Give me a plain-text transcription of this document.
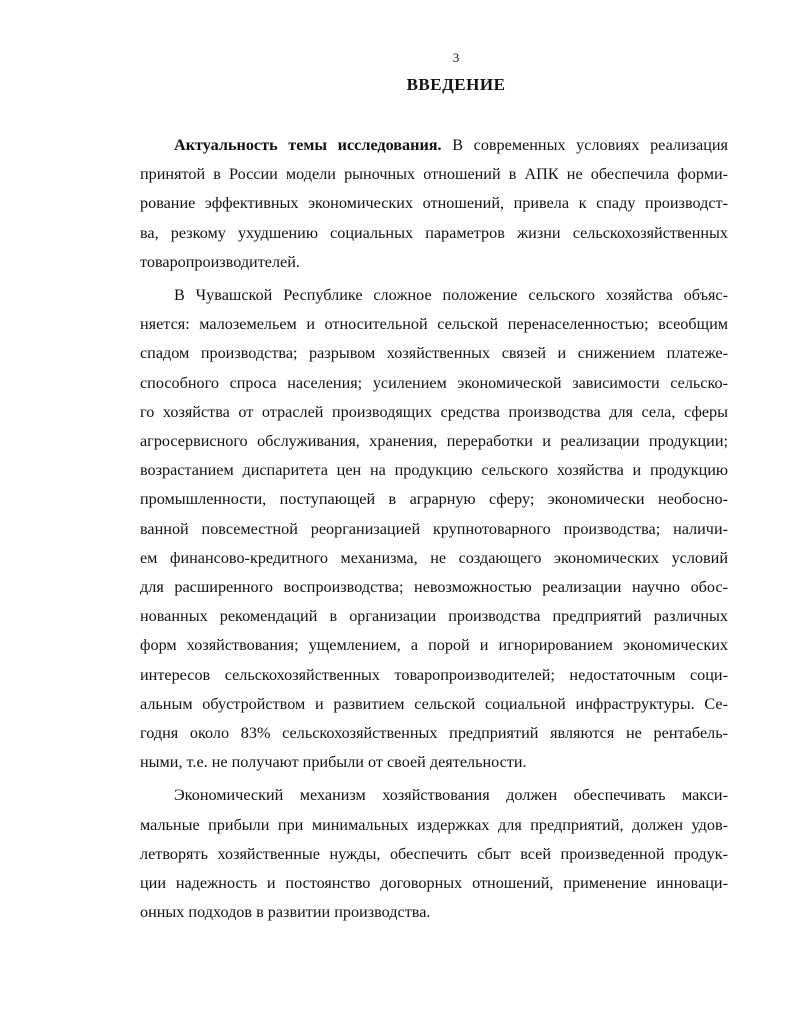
3
ВВЕДЕНИЕ
Актуальность темы исследования. В современных условиях реализация
принятой в России модели рыночных отношений в АПК не обеспечила форми-
рование эффективных экономических отношений, привела к спаду производст-
ва, резкому ухудшению социальных параметров жизни сельскохозяйственных
товаропроизводителей.
В Чувашской Республике сложное положение сельского хозяйства объяс-
няется: малоземельем и относительной сельской перенаселенностью; всеобщим
спадом производства; разрывом хозяйственных связей и снижением платеже-
способного спроса населения; усилением экономической зависимости сельско-
го хозяйства от отраслей производящих средства производства для села, сферы
агросервисного обслуживания, хранения, переработки и реализации продукции;
возрастанием диспаритета цен на продукцию сельского хозяйства и продукцию
промышленности, поступающей в аграрную сферу; экономически необосно-
ванной повсеместной реорганизацией крупнотоварного производства; наличи-
ем финансово-кредитного механизма, не создающего экономических условий
для расширенного воспроизводства; невозможностью реализации научно обос-
нованных рекомендаций в организации производства предприятий различных
форм хозяйствования; ущемлением, а порой и игнорированием экономических
интересов сельскохозяйственных товаропроизводителей; недостаточным соци-
альным обустройством и развитием сельской социальной инфраструктуры. Се-
годня около 83% сельскохозяйственных предприятий являются не рентабель-
ными, т.е. не получают прибыли от своей деятельности.
Экономический механизм хозяйствования должен обеспечивать макси-
мальные прибыли при минимальных издержках для предприятий, должен удов-
летворять хозяйственные нужды, обеспечить сбыт всей произведенной продук-
ции надежность и постоянство договорных отношений, применение инновaци-
онных подходов в развитии производства.
